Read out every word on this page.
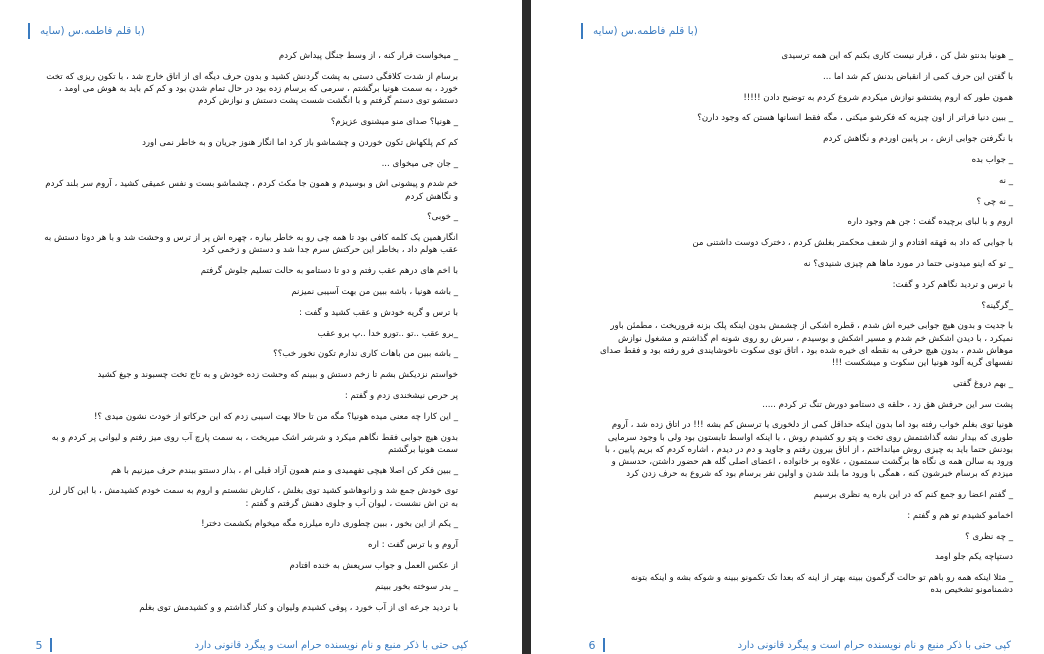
(با قلم فاطمه.س (سایه

_ میخواست فرار کنه ، از وسط جنگل پیداش کردم

برسام از شدت کلافگی دستی به پشت گردنش کشید و بدون حرف دیگه ای از اتاق خارج شد ، با تکون ریزی که تخت خورد ، به سمت هونیا برگشتم ، سرمی که برسام زده بود در حال تمام شدن بود و کم کم باید به هوش می اومد ، دستشو توی دستم گرفتم و با انگشت شست پشت دستش و نوازش کردم

_ هونیا؟ صدای منو میشنوی عزیزم؟

کم کم پلکهاش تکون خوردن و چشماشو باز کرد اما انگار هنوز جریان و به خاطر نمی اورد

_ جان جی میخوای ...

خم شدم و پیشونی اش و بوسیدم و همون جا مکث کردم ، چشماشو بست و نفس عمیقی کشید ، آروم سر بلند کردم و نگاهش کردم

_ خوبی؟

انگارهمین یک کلمه کافی بود تا همه چی رو به خاطر بیاره ، چهره اش پر از ترس و وحشت شد و با هر دوتا دستش به عقب هولم داد ، بخاطر این حرکتش سرم جدا شد و دستش و زخمی کرد

با اخم های درهم عقب رفتم و دو تا دستامو به حالت تسلیم جلوش گرفتم

_ باشه هونیا ، باشه ببین من بهت آسیبی نمیزنم

با ترس و گریه خودش و عقب کشید و گفت :

_برو عقب ..تو ..تورو خدا ..پ برو عقب

_ باشه ببین من باهات کاری ندارم تکون نخور خب؟؟

خواستم نزدیکش بشم تا زخم دستش و ببینم که وحشت زده خودش و به تاج تخت چسبوند و جیغ کشید

پر حرص نیشخندی زدم و گفتم :

_ این کارا چه معنی میده هونیا؟ مگه من تا حالا بهت اسیبی زدم که این حرکاتو از خودت نشون میدی ؟!

بدون هیچ جوابی فقط نگاهم میکرد و شرشر اشک میریخت ، به سمت پارچ آب روی میز رفتم و لیوانی پر کردم و به سمت هونیا برگشتم

_ ببین فکر کن اصلا هیچی تفهمیدی و منم همون آزاد قبلی ام ، بذار دستتو ببندم حرف میزنیم با هم

توی خودش جمع شد و زانوهاشو کشید توی بغلش ، کنارش نشستم و اروم به سمت خودم کشیدمش ، با این کار لرز به تن اش نشست ، لیوان آب و جلوی دهنش گرفتم و گفتم :

_ یکم از این بخور ، ببین چطوری داره میلرزه مگه میخوام بکشمت دختر!

آروم و با ترس گفت : اره

از عکس العمل و جواب سریعش به خنده افتادم

_ بدر سوخته بخور ببینم

با تردید جرعه ای از آب خورد ، پوفی کشیدم ولیوان و کنار گذاشتم و و کشیدمش توی بغلم

5	کپی حتی با ذکر منبع و نام نویسنده حرام است و پیگرد قانونی دارد
(با قلم فاطمه.س (سایه

_ هونیا بدنتو شل کن ، قرار نیست کاری بکنم که این همه ترسیدی

با گفتن این حرف کمی از انقباض بدنش کم شد اما ...

همون طور که اروم پشتشو نوازش میکردم شروع کردم به توضیح دادن !!!!!

_ ببین دنیا فراتر از اون چیزیه که فکرشو میکنی ، مگه فقط انسانها هستن که وجود دارن؟

با نگرفتن جوابی ازش ، بر پایین اوردم و نگاهش کردم

_ جواب بده

_ نه

_ نه چی ؟

اروم و با لبای برچیده گفت : جن هم وجود داره

با جوابی که داد به قهقه افتادم و از شعف محکمتر بغلش کردم ، دخترک دوست داشتنی من

_ تو که اینو میدونی حتما در مورد ماها هم چیزی شنیدی؟ نه

با ترس و تردید نگاهم کرد و گفت:

_گرگینه؟

با جدیت و بدون هیچ جوابی خیره اش شدم ، قطره اشکی از چشمش بدون اینکه پلک بزنه فروریخت ، مطمئن باور نمیکرد ، با دیدن اشکش خم شدم و مسیر اشکش و بوسیدم ، سرش رو روی شونه ام گذاشتم و مشغول نوازش موهاش شدم ، بدون هیچ حرفی به نقطه ای خیره شده بود ، اتاق توی سکوت ناخوشایندی فرو رفته بود و فقط صدای نفسهای گریه آلود هونیا این سکوت و میشکست !!!

_ بهم دروغ گفتی

پشت سر این حرفش هق زد ، حلقه ی دستامو دورش تنگ تر کردم .....

هونیا توی بغلم خواب رفته بود اما بدون اینکه حداقل کمی از دلخوری یا ترسش کم بشه !!! در اتاق زده شد ، آروم طوری که بیدار نشه گذاشتمش روی تخت و پتو رو کشیدم روش ، با اینکه اواسط تابستون بود ولی با وجود سرمایی بودنش حتما باید به چیزی روش میانداختم ، از اتاق بیرون رفتم و جاوید و دم در دیدم ، اشاره کردم که بریم پایین ، با ورود به سالن همه ی نگاه ها برگشت سمتمون ، علاوه بر خانواده ، اعضای اصلی گله هم حضور داشتن، حدسش و میزدم که برسام خبرشون کنه ، همگی با ورود ما بلند شدن و اولین نفر برسام بود که شروع به حرف زدن کرد

_ گفتم اعضا رو جمع کنم که در این باره یه نظری برسیم

اخمامو کشیدم تو هم و گفتم :

_ چه نظری ؟

دستپاچه یکم جلو اومد

_ مثلا اینکه همه رو باهم تو حالت گرگمون ببینه بهتر از اینه که بعدا تک تکمونو ببینه و شوکه بشه و اینکه بتونه دشمنامونو تشخیص بده

6	کپی حتی با ذکر منبع و نام نویسنده حرام است و پیگرد قانونی دارد
